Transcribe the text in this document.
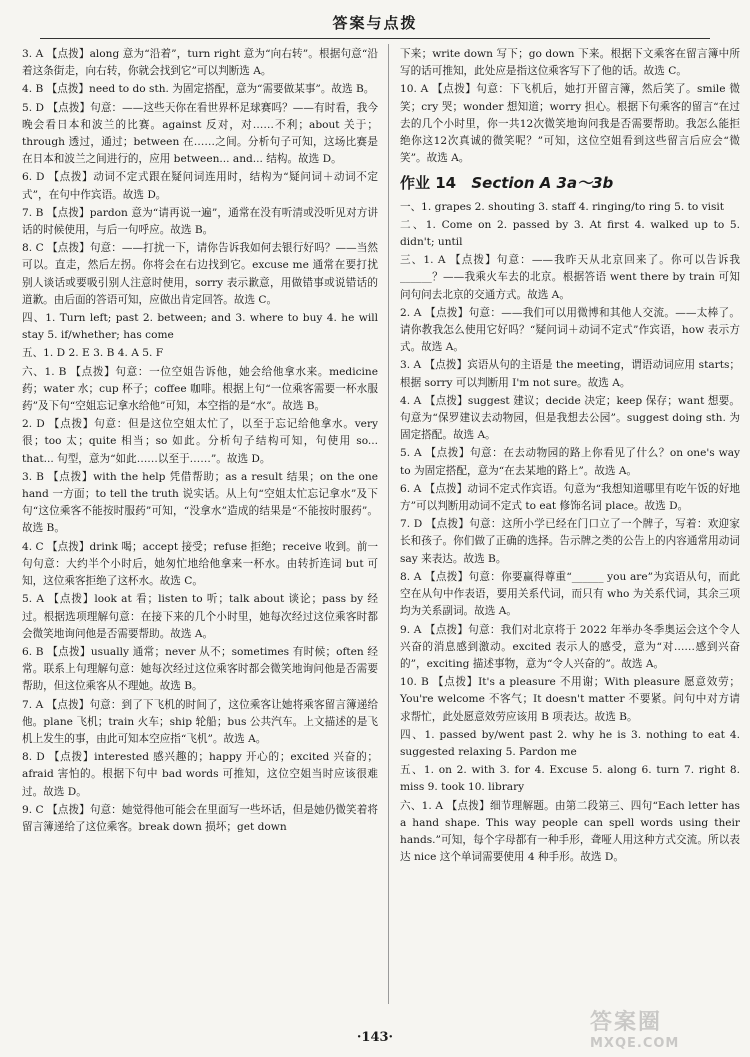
答案与点拨
3. A 【点拨】along 意为“沿着”，turn right 意为“向右转”。根据句意“沿着这条街走，向右转，你就会找到它”可以判断选 A。
4. B 【点拨】need to do sth. 为固定搭配，意为“需要做某事”。故选 B。
5. D 【点拨】句意：——这些天你在看世界杯足球赛吗？——有时看，我今晚会看日本和波兰的比赛。against 反对，对……不利；about 关于；through 透过，通过；between 在……之间。分析句子可知，这场比赛是在日本和波兰之间进行的，应用 between... and... 结构。故选 D。
6. D 【点拨】动词不定式跟在疑问词连用时，结构为“疑问词＋动词不定式”，在句中作宾语。故选 D。
7. B 【点拨】pardon 意为“请再说一遍”，通常在没有听清或没听见对方讲话的时候使用，与后一句呼应。故选 B。
8. C 【点拨】句意：——打扰一下，请你告诉我如何去银行好吗？——当然可以。直走，然后左拐。你将会在右边找到它。excuse me 通常在要打扰别人谈话或要吸引别人注意时使用，sorry 表示歉意，用做错事或说错话的道歉。由后面的答语可知，应做出肯定回答。故选 C。
四、1. Turn left; past 2. between; and 3. where to buy 4. he will stay 5. if/whether; has come
五、1. D 2. E 3. B 4. A 5. F
六、1. B 【点拨】句意：一位空姐告诉他，她会给他拿水来。medicine 药；water 水；cup 杯子；coffee 咖啡。根据上句“一位乘客需要一杯水服药”及下句“空姐忘记拿水给他”可知，本空指的是“水”。故选 B。
2. D 【点拨】句意：但是这位空姐太忙了，以至于忘记给他拿水。very 很；too 太；quite 相当；so 如此。分析句子结构可知，句使用 so... that... 句型，意为“如此……以至于……”。故选 D。
3. B 【点拨】with the help 凭借帮助；as a result 结果；on the one hand 一方面；to tell the truth 说实话。从上句“空姐太忙忘记拿水”及下句“这位乘客不能按时服药”可知，“没拿水”造成的结果是“不能按时服药”。故选 B。
4. C 【点拨】drink 喝；accept 接受；refuse 拒绝；receive 收到。前一句句意：大约半个小时后，她匆忙地给他拿来一杯水。由转折连词 but 可知，这位乘客拒绝了这杯水。故选 C。
5. A 【点拨】look at 看；listen to 听；talk about 谈论；pass by 经过。根据选项理解句意：在接下来的几个小时里，她每次经过这位乘客时都会微笑地询问他是否需要帮助。故选 A。
6. B 【点拨】usually 通常；never 从不；sometimes 有时候；often 经常。联系上句理解句意：她每次经过这位乘客时都会微笑地询问他是否需要帮助，但这位乘客从不理她。故选 B。
7. A 【点拨】句意：到了下飞机的时间了，这位乘客让她将乘客留言簿递给他。plane 飞机；train 火车；ship 轮船；bus 公共汽车。上文描述的是飞机上发生的事，由此可知本空应指“飞机”。故选 A。
8. D 【点拨】interested 感兴趣的；happy 开心的；excited 兴奋的；afraid 害怕的。根据下句中 bad words 可推知，这位空姐当时应该很难过。故选 D。
9. C 【点拨】句意：她觉得他可能会在里面写一些坏话，但是她仍微笑着将留言簿递给了这位乘客。break down 损坏；get down
下来；write down 写下；go down 下来。根据下文乘客在留言簿中所写的话可推知，此处应是指这位乘客写下了他的话。故选 C。
10. A 【点拨】句意：下飞机后，她打开留言簿，然后笑了。smile 微笑；cry 哭；wonder 想知道；worry 担心。根据下句乘客的留言“在过去的几个小时里，你一共12次微笑地询问我是否需要帮助。我怎么能拒绝你这12次真诚的微笑呢？”可知，这位空姐看到这些留言后应会“微笑”。故选 A。
作业 14 Section A 3a～3b
一、1. grapes 2. shouting 3. staff 4. ringing/to ring 5. to visit
二、1. Come on 2. passed by 3. At first 4. walked up to 5. didn't; until
三、1. A 【点拨】句意：——我昨天从北京回来了。你可以告诉我______？——我乘火车去的北京。根据答语 went there by train 可知问句问去北京的交通方式。故选 A。
2. A 【点拨】句意：——我们可以用微博和其他人交流。——太棒了。请你教我怎么使用它好吗？“疑问词＋动词不定式”作宾语，how 表示方式。故选 A。
3. A 【点拨】宾语从句的主语是 the meeting，谓语动词应用 starts；根据 sorry 可以判断用 I'm not sure。故选 A。
4. A 【点拨】suggest 建议；decide 决定；keep 保存；want 想要。句意为“保罗建议去动物园，但是我想去公园”。suggest doing sth. 为固定搭配。故选 A。
5. A 【点拨】句意：在去动物园的路上你看见了什么？on one's way to 为固定搭配，意为“在去某地的路上”。故选 A。
6. A 【点拨】动词不定式作宾语。句意为“我想知道哪里有吃午饭的好地方”可以判断用动词不定式 to eat 修饰名词 place。故选 D。
7. D 【点拨】句意：这所小学已经在门口立了一个牌子，写着：欢迎家长和孩子。你们做了正确的选择。告示牌之类的公告上的内容通常用动词 say 来表达。故选 B。
8. A 【点拨】句意：你要赢得尊重“______ you are”为宾语从句，而此空在从句中作表语，要用关系代词，而只有 who 为关系代词，其余三项均为关系副词。故选 A。
9. A 【点拨】句意：我们对北京将于 2022 年举办冬季奥运会这个令人兴奋的消息感到激动。excited 表示人的感受，意为“对……感到兴奋的”，exciting 描述事物，意为“令人兴奋的”。故选 A。
10. B 【点拨】It's a pleasure 不用谢；With pleasure 愿意效劳；You're welcome 不客气；It doesn't matter 不要紧。问句中对方请求帮忙，此处愿意效劳应该用 B 项表达。故选 B。
四、1. passed by/went past 2. why he is 3. nothing to eat 4. suggested relaxing 5. Pardon me
五、1. on 2. with 3. for 4. Excuse 5. along 6. turn 7. right 8. miss 9. took 10. library
六、1. A 【点拨】细节理解题。由第二段第三、四句“Each letter has a hand shape. This way people can spell words using their hands.”可知，每个字母都有一种手形，聋哑人用这种方式交流。所以表达 nice 这个单词需要使用 4 种手形。故选 D。
·143·
答案圈
MXQE.COM
